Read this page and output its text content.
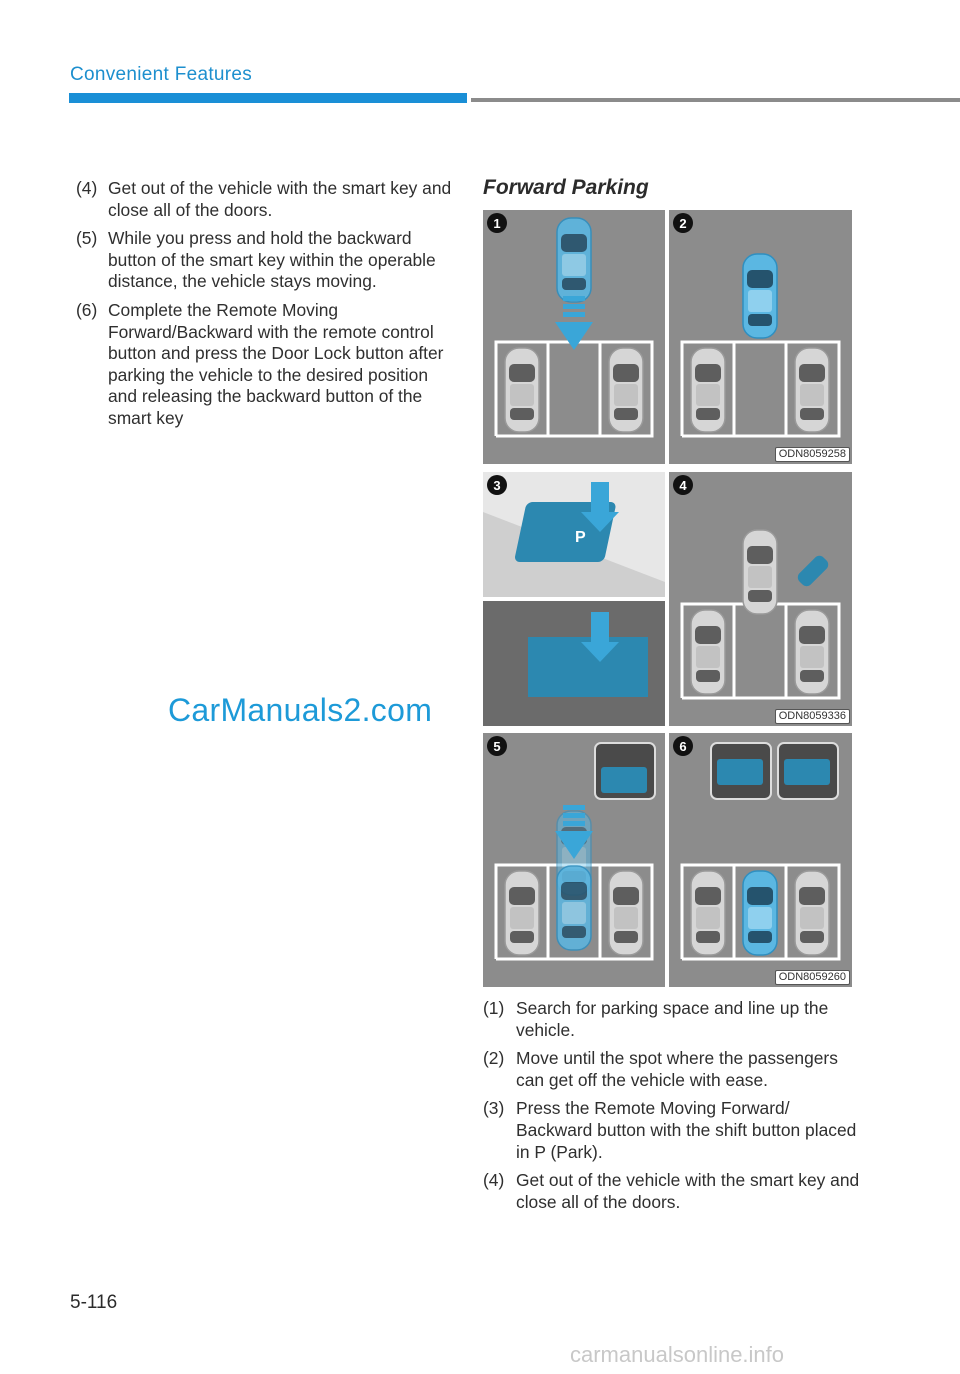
Convenient Features
(4) Get out of the vehicle with the smart key and close all of the doors.
(5) While you press and hold the backward button of the smart key within the operable distance, the vehicle stays moving.
(6) Complete the Remote Moving Forward/Backward with the remote control button and press the Door Lock button after parking the vehicle to the desired position and releasing the backward button of the smart key
Forward Parking
1	2
ODN8059258
P
3	4
ODN8059336
5	6
ODN8059260
(1) Search for parking space and line up the vehicle.
(2) Move until the spot where the passengers can get off the vehicle with ease.
(3) Press the Remote Moving Forward/ Backward button with the shift button placed in P (Park).
(4) Get out of the vehicle with the smart key and close all of the doors.
CarManuals2.com
5-116
carmanualsonline.info
